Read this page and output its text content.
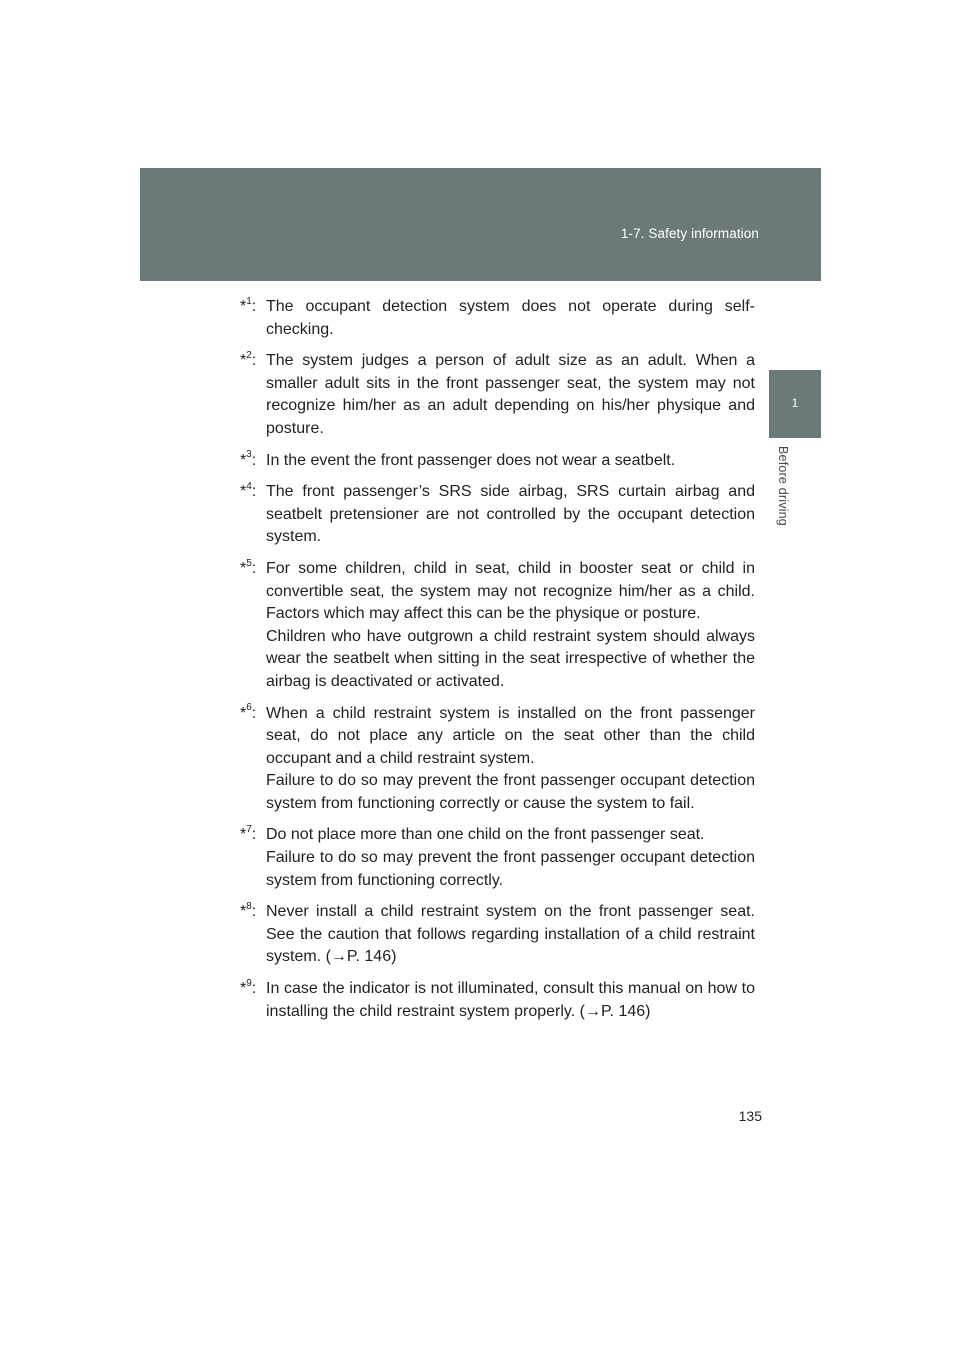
1-7. Safety information
1
Before driving
*$^1$: The occupant detection system does not operate during self-checking.
*$^2$: The system judges a person of adult size as an adult. When a smaller adult sits in the front passenger seat, the system may not recognize him/her as an adult depending on his/her physique and posture.
*$^3$: In the event the front passenger does not wear a seatbelt.
*$^4$: The front passenger’s SRS side airbag, SRS curtain airbag and seatbelt pretensioner are not controlled by the occupant detection system.
*$^5$: For some children, child in seat, child in booster seat or child in convertible seat, the system may not recognize him/her as a child. Factors which may affect this can be the physique or posture.
Children who have outgrown a child restraint system should always wear the seatbelt when sitting in the seat irrespective of whether the airbag is deactivated or activated.
*$^6$: When a child restraint system is installed on the front passenger seat, do not place any article on the seat other than the child occupant and a child restraint system.
Failure to do so may prevent the front passenger occupant detection system from functioning correctly or cause the system to fail.
*$^7$: Do not place more than one child on the front passenger seat.
Failure to do so may prevent the front passenger occupant detection system from functioning correctly.
*$^8$: Never install a child restraint system on the front passenger seat. See the caution that follows regarding installation of a child restraint system. (→P. 146)
*$^9$: In case the indicator is not illuminated, consult this manual on how to installing the child restraint system properly. (→P. 146)
135
